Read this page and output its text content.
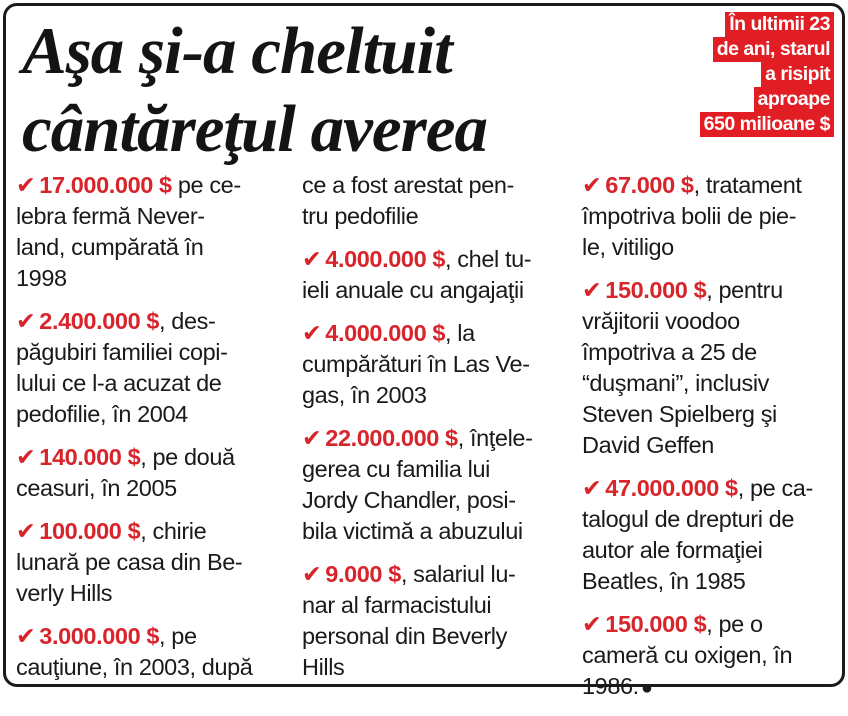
Aşa şi-a cheltuit
cântăreţul averea
În ultimii 23
de ani, starul
a risipit
aproape
650 milioane $

✔ 17.000.000 $ pe ce-
lebra fermă Never-
land, cumpărată în
1998

✔ 2.400.000 $, des-
păgubiri familiei copi-
lului ce l-a acuzat de
pedofilie, în 2004

✔ 140.000 $, pe două
ceasuri, în 2005

✔ 100.000 $, chirie
lunară pe casa din Be-
verly Hills

✔ 3.000.000 $, pe
cauţiune, în 2003, după

ce a fost arestat pen-
tru pedofilie

✔ 4.000.000 $, chel tu-
ieli anuale cu angajaţii

✔ 4.000.000 $, la
cumpărături în Las Ve-
gas, în 2003

✔ 22.000.000 $, înţele-
gerea cu familia lui
Jordy Chandler, posi-
bila victimă a abuzului

✔ 9.000 $, salariul lu-
nar al farmacistului
personal din Beverly
Hills

✔ 67.000 $, tratament
împotriva bolii de pie-
le, vitiligo

✔ 150.000 $, pentru
vrăjitorii voodoo
împotriva a 25 de
“duşmani”, inclusiv
Steven Spielberg şi
David Geffen

✔ 47.000.000 $, pe ca-
talogul de drepturi de
autor ale formaţiei
Beatles, în 1985

✔ 150.000 $, pe o
cameră cu oxigen, în
1986. ●
